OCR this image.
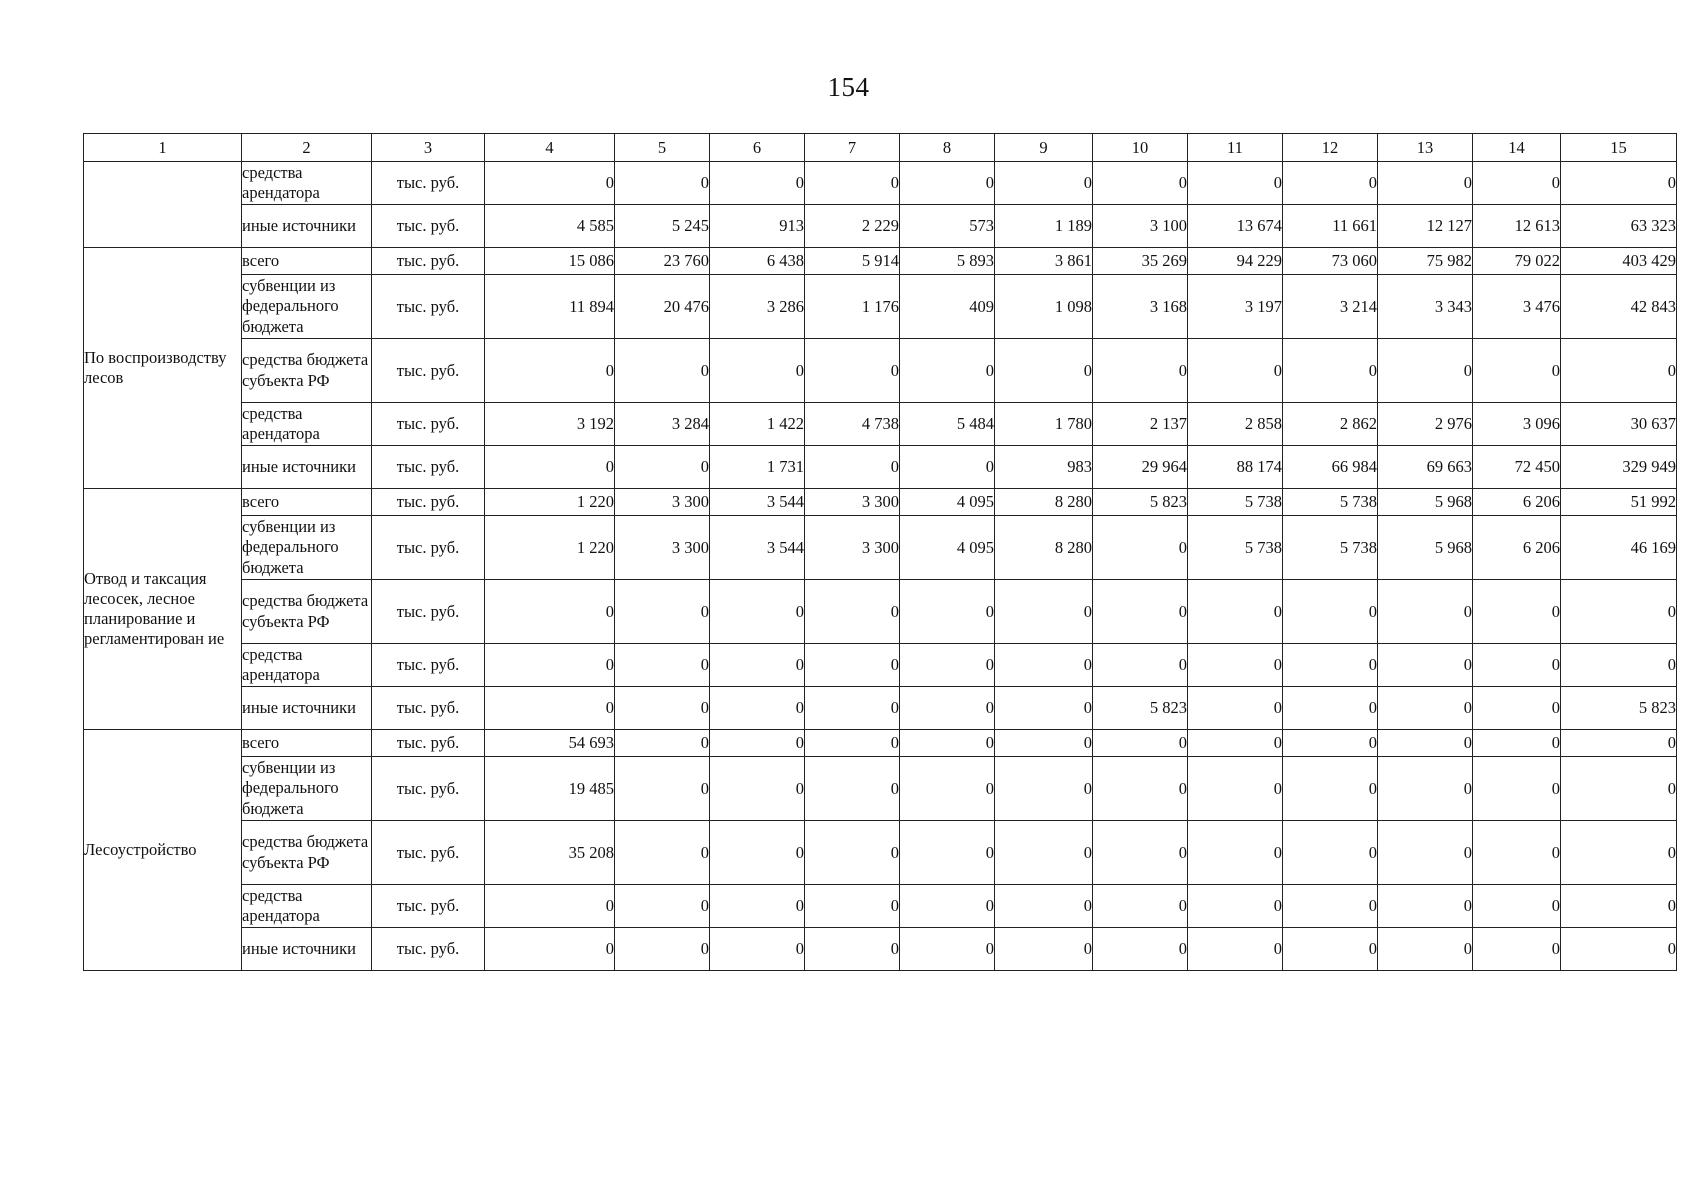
154
1	2	3	4	5	6	7	8	9	10	11	12	13	14	15
	средства арендатора	тыс. руб.	0	0	0	0	0	0	0	0	0	0	0	0
	иные источники	тыс. руб.	4 585	5 245	913	2 229	573	1 189	3 100	13 674	11 661	12 127	12 613	63 323
По воспроизводству лесов	всего	тыс. руб.	15 086	23 760	6 438	5 914	5 893	3 861	35 269	94 229	73 060	75 982	79 022	403 429
	субвенции из федерального бюджета	тыс. руб.	11 894	20 476	3 286	1 176	409	1 098	3 168	3 197	3 214	3 343	3 476	42 843
	средства бюджета субъекта РФ	тыс. руб.	0	0	0	0	0	0	0	0	0	0	0	0
	средства арендатора	тыс. руб.	3 192	3 284	1 422	4 738	5 484	1 780	2 137	2 858	2 862	2 976	3 096	30 637
	иные источники	тыс. руб.	0	0	1 731	0	0	983	29 964	88 174	66 984	69 663	72 450	329 949
Отвод и таксация лесосек, лесное планирование и регламентирован ие	всего	тыс. руб.	1 220	3 300	3 544	3 300	4 095	8 280	5 823	5 738	5 738	5 968	6 206	51 992
	субвенции из федерального бюджета	тыс. руб.	1 220	3 300	3 544	3 300	4 095	8 280	0	5 738	5 738	5 968	6 206	46 169
	средства бюджета субъекта РФ	тыс. руб.	0	0	0	0	0	0	0	0	0	0	0	0
	средства арендатора	тыс. руб.	0	0	0	0	0	0	0	0	0	0	0	0
	иные источники	тыс. руб.	0	0	0	0	0	0	5 823	0	0	0	0	5 823
Лесоустройство	всего	тыс. руб.	54 693	0	0	0	0	0	0	0	0	0	0	0
	субвенции из федерального бюджета	тыс. руб.	19 485	0	0	0	0	0	0	0	0	0	0	0
	средства бюджета субъекта РФ	тыс. руб.	35 208	0	0	0	0	0	0	0	0	0	0	0
	средства арендатора	тыс. руб.	0	0	0	0	0	0	0	0	0	0	0	0
	иные источники	тыс. руб.	0	0	0	0	0	0	0	0	0	0	0	0
